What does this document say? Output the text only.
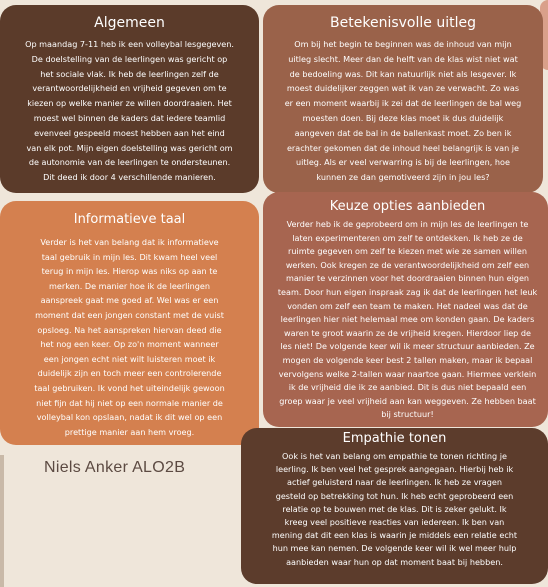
Algemeen

Op maandag 7-11 heb ik een volleybal lesgegeven.

De doelstelling van de leerlingen was gericht op

het sociale vlak. Ik heb de leerlingen zelf de

verantwoordelijkheid en vrijheid gegeven om te

kiezen op welke manier ze willen doordraaien. Het

moest wel binnen de kaders dat iedere teamlid

evenveel gespeeld moest hebben aan het eind

van elk pot. Mijn eigen doelstelling was gericht om

de autonomie van de leerlingen te ondersteunen.

Dit deed ik door 4 verschillende manieren.

Betekenisvolle uitleg

Om bij het begin te beginnen was de inhoud van mijn

uitleg slecht. Meer dan de helft van de klas wist niet wat

de bedoeling was. Dit kan natuurlijk niet als lesgever. Ik

moest duidelijker zeggen wat ik van ze verwacht. Zo was

er een moment waarbij ik zei dat de leerlingen de bal weg

moesten doen. Bij deze klas moet ik dus duidelijk

aangeven dat de bal in de ballenkast moet. Zo ben ik

erachter gekomen dat de inhoud heel belangrijk is van je

uitleg. Als er veel verwarring is bij de leerlingen, hoe

kunnen ze dan gemotiveerd zijn in jou les?

Informatieve taal

Verder is het van belang dat ik informatieve

taal gebruik in mijn les. Dit kwam heel veel

terug in mijn les. Hierop was niks op aan te

merken. De manier hoe ik de leerlingen

aanspreek gaat me goed af. Wel was er een

moment dat een jongen constant met de vuist

opsloeg. Na het aanspreken hiervan deed die

het nog een keer. Op zo'n moment wanneer

een jongen echt niet wilt luisteren moet ik

duidelijk zijn en toch meer een controlerende

taal gebruiken. Ik vond het uiteindelijk gewoon

niet fijn dat hij niet op een normale manier de

volleybal kon opslaan, nadat ik dit wel op een

prettige manier aan hem vroeg.

Keuze opties aanbieden

Verder heb ik de geprobeerd om in mijn les de leerlingen te

laten experimenteren om zelf te ontdekken. Ik heb ze de

ruimte gegeven om zelf te kiezen met wie ze samen willen

werken. Ook kregen ze de verantwoordelijkheid om zelf een

manier te verzinnen voor het doordraaien binnen hun eigen

team. Door hun eigen inspraak zag ik dat de leerlingen het leuk

vonden om zelf een team te maken. Het nadeel was dat de

leerlingen hier niet helemaal mee om konden gaan. De kaders

waren te groot waarin ze de vrijheid kregen. Hierdoor liep de

les niet! De volgende keer wil ik meer structuur aanbieden. Ze

mogen de volgende keer best 2 tallen maken, maar ik bepaal

vervolgens welke 2-tallen waar naartoe gaan. Hiermee verklein

ik de vrijheid die ik ze aanbied. Dit is dus niet bepaald een

groep waar je veel vrijheid aan kan weggeven. Ze hebben baat

bij structuur!

Empathie tonen

Ook is het van belang om empathie te tonen richting je

leerling. Ik ben veel het gesprek aangegaan. Hierbij heb ik

actief geluisterd naar de leerlingen. Ik heb ze vragen

gesteld op betrekking tot hun. Ik heb echt geprobeerd een

relatie op te bouwen met de klas. Dit is zeker gelukt. Ik

kreeg veel positieve reacties van iedereen. Ik ben van

mening dat dit een klas is waarin je middels een relatie echt

hun mee kan nemen. De volgende keer wil ik wel meer hulp

aanbieden waar hun op dat moment baat bij hebben.

Niels Anker ALO2B
